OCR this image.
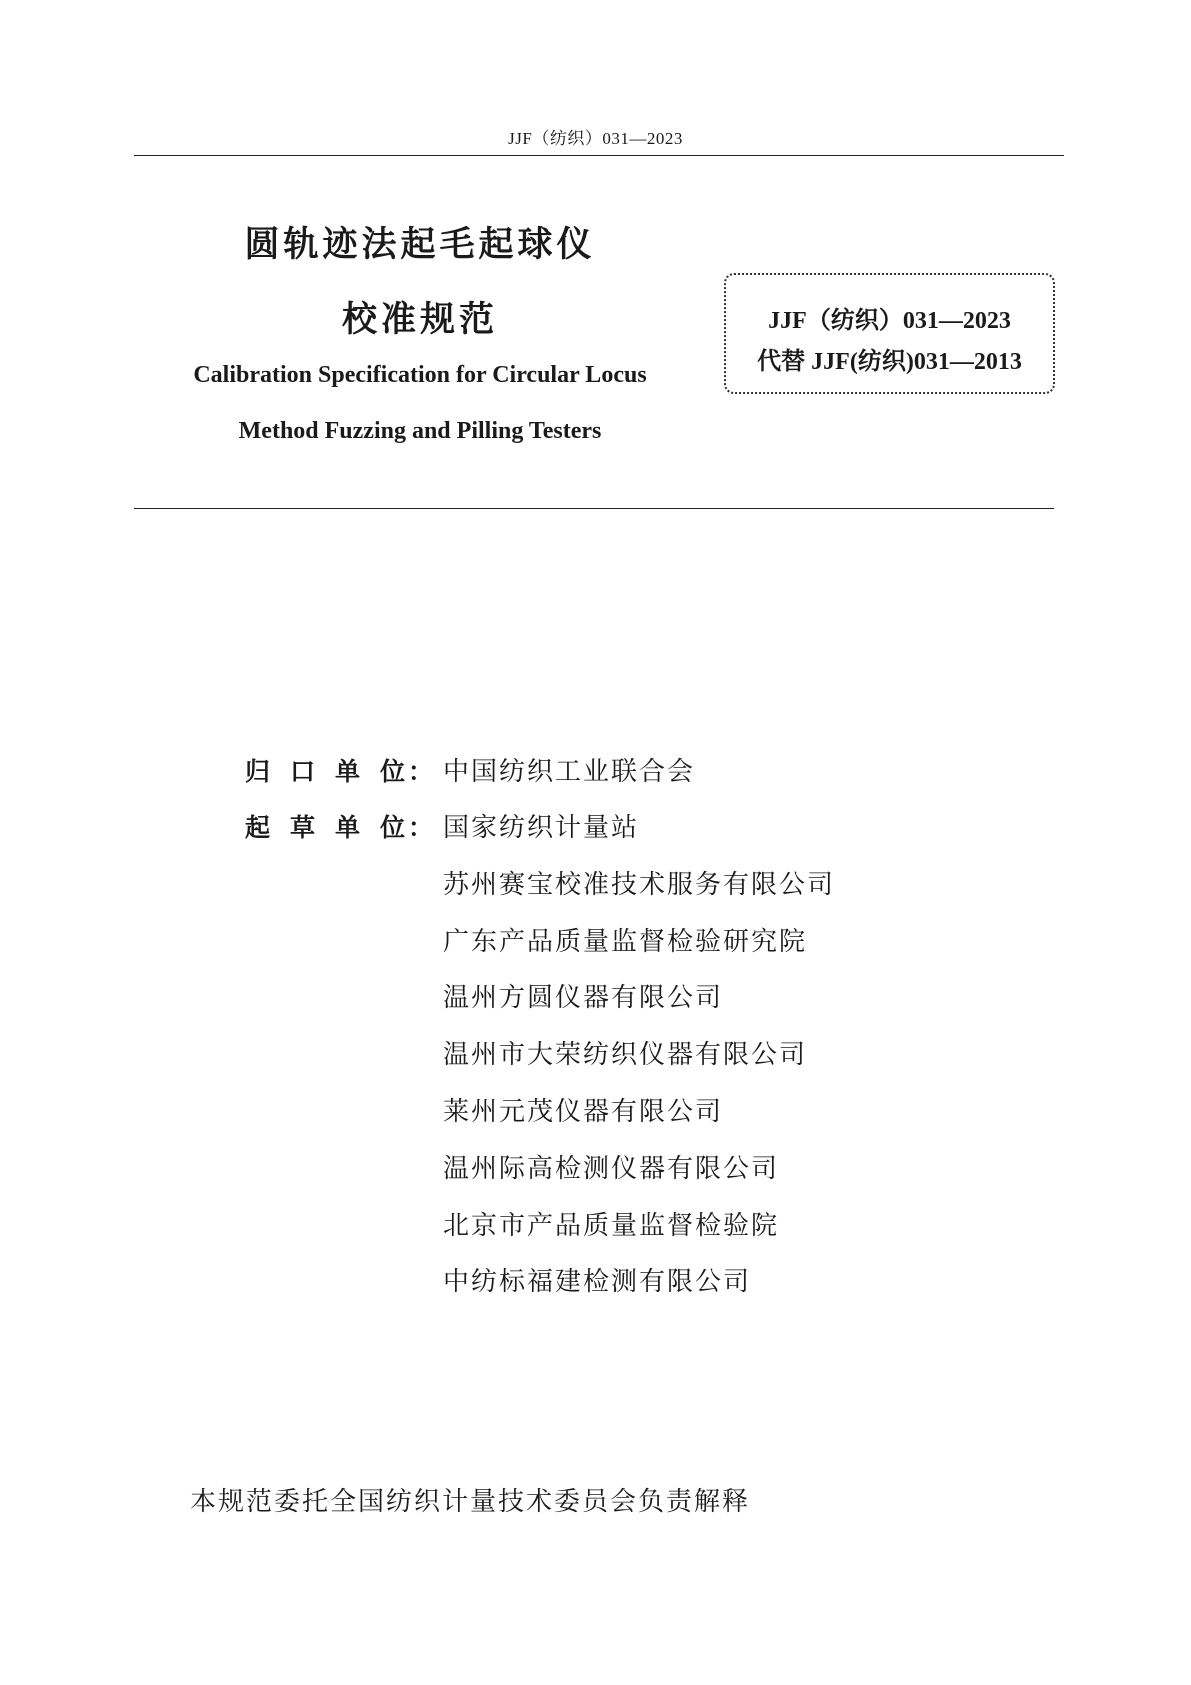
JJF（纺织）031—2023
圆轨迹法起毛起球仪
校准规范
Calibration Specification for Circular Locus
Method Fuzzing and Pilling Testers
JJF（纺织）031—2023
代替 JJF(纺织)031—2013
归 口 单 位 ： 中国纺织工业联合会
起 草 单 位 ： 国家纺织计量站
苏州赛宝校准技术服务有限公司
广东产品质量监督检验研究院
温州方圆仪器有限公司
温州市大荣纺织仪器有限公司
莱州元茂仪器有限公司
温州际高检测仪器有限公司
北京市产品质量监督检验院
中纺标福建检测有限公司
本规范委托全国纺织计量技术委员会负责解释
